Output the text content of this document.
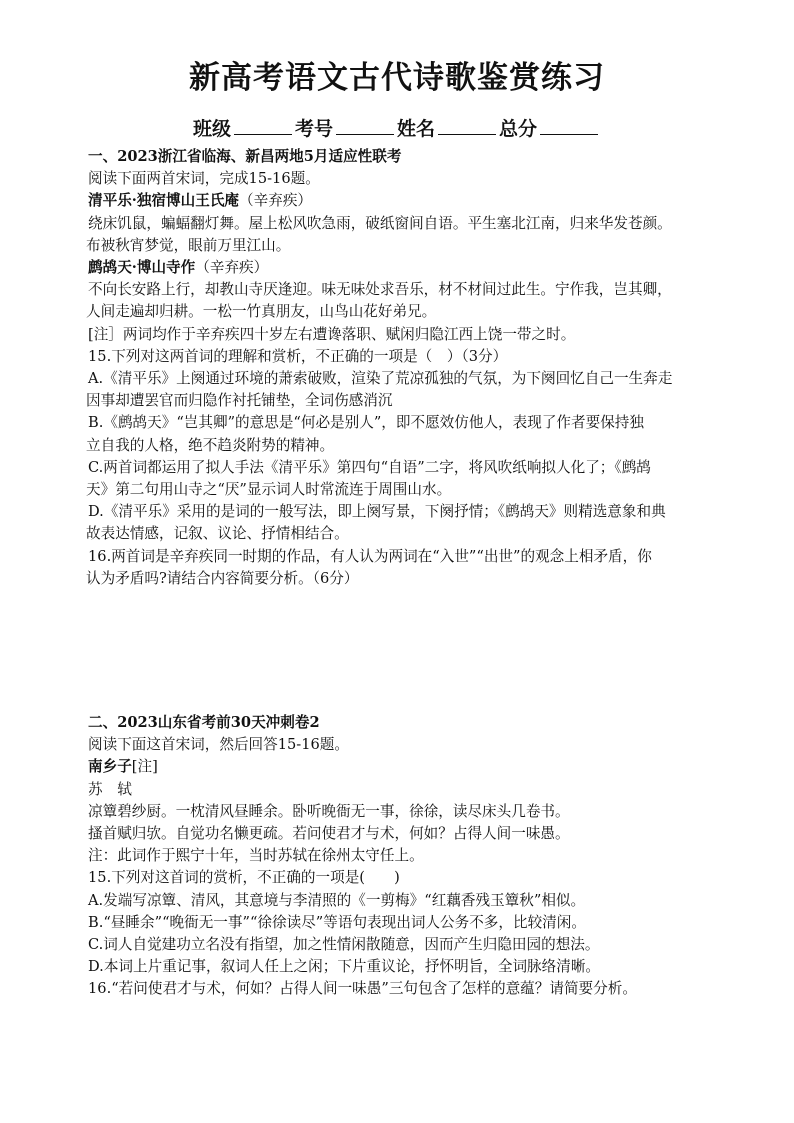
新高考语文古代诗歌鉴赏练习
班级	考号	姓名	总分

一、2023浙江省临海、新昌两地5月适应性联考

阅读下面两首宋词，完成15-16题。

清平乐·独宿博山王氏庵（辛弃疾）

绕床饥鼠，蝙蝠翻灯舞。屋上松风吹急雨，破纸窗间自语。平生塞北江南，归来华发苍颜。

布被秋宵梦觉，眼前万里江山。

鹧鸪天·博山寺作（辛弃疾）

不向长安路上行，却教山寺厌逢迎。味无味处求吾乐，材不材间过此生。宁作我，岂其卿，

人间走遍却归耕。一松一竹真朋友，山鸟山花好弟兄。

[注］两词均作于辛弃疾四十岁左右遭谗落职、赋闲归隐江西上饶一带之时。

15.下列对这两首词的理解和赏析，不正确的一项是（　）（3分）

A.《清平乐》上阕通过环境的萧索破败，渲染了荒凉孤独的气氛，为下阕回忆自己一生奔走

因事却遭罢官而归隐作衬托铺垫，全词伤感消沉

B.《鹧鸪天》“岂其卿”的意思是“何必是别人”，即不愿效仿他人，表现了作者要保持独

立自我的人格，绝不趋炎附势的精神。

C.两首词都运用了拟人手法《清平乐》第四句“自语”二字，将风吹纸响拟人化了；《鹧鸪

天》第二句用山寺之“厌”显示词人时常流连于周围山水。

D.《清平乐》采用的是词的一般写法，即上阕写景，下阕抒情；《鹧鸪天》则精选意象和典

故表达情感，记叙、议论、抒情相结合。

16.两首词是辛弃疾同一时期的作品，有人认为两词在“入世”“出世”的观念上相矛盾，你

认为矛盾吗?请结合内容简要分析。（6分）

二、2023山东省考前30天冲刺卷2

阅读下面这首宋词，然后回答15-16题。

南乡子[注]

苏　轼

凉簟碧纱厨。一枕清风昼睡余。卧听晚衙无一事，徐徐，读尽床头几卷书。

搔首赋归欤。自觉功名懒更疏。若问使君才与术，何如？占得人间一味愚。

注：此词作于熙宁十年，当时苏轼在徐州太守任上。

15.下列对这首词的赏析，不正确的一项是(　　)

A.发端写凉簟、清风，其意境与李清照的《一剪梅》“红藕香残玉簟秋”相似。

B.“昼睡余”“晚衙无一事”“徐徐读尽”等语句表现出词人公务不多，比较清闲。

C.词人自觉建功立名没有指望，加之性情闲散随意，因而产生归隐田园的想法。

D.本词上片重记事，叙词人任上之闲；下片重议论，抒怀明旨，全词脉络清晰。

16.“若问使君才与术，何如？占得人间一味愚”三句包含了怎样的意蕴？请简要分析。
